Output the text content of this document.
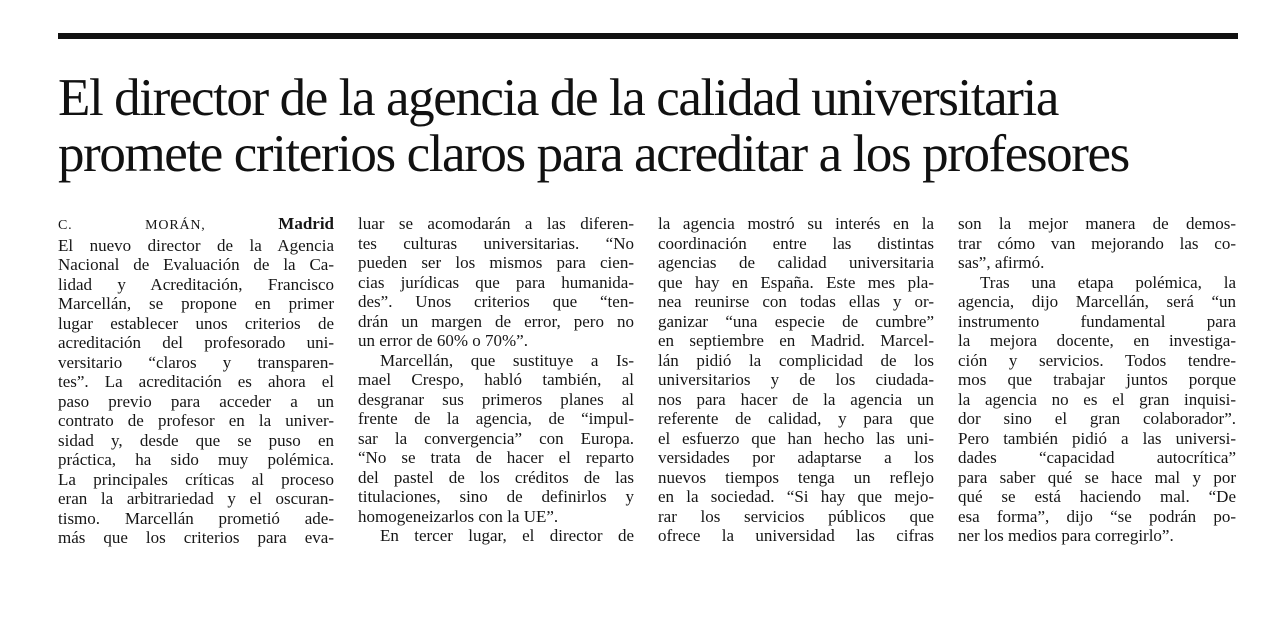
El director de la agencia de la calidad universitaria
promete criterios claros para acreditar a los profesores

C. MORÁN,	Madrid

El nuevo director de la Agencia

Nacional de Evaluación de la Ca-

lidad y Acreditación, Francisco

Marcellán, se propone en primer

lugar establecer unos criterios de

acreditación del profesorado uni-

versitario “claros y transparen-

tes”. La acreditación es ahora el

paso previo para acceder a un

contrato de profesor en la univer-

sidad y, desde que se puso en

práctica, ha sido muy polémica.

La principales críticas al proceso

eran la arbitrariedad y el oscuran-

tismo. Marcellán prometió ade-

más que los criterios para eva-

luar se acomodarán a las diferen-

tes culturas universitarias. “No

pueden ser los mismos para cien-

cias jurídicas que para humanida-

des”. Unos criterios que “ten-

drán un margen de error, pero no

un error de 60% o 70%”.

Marcellán, que sustituye a Is-

mael Crespo, habló también, al

desgranar sus primeros planes al

frente de la agencia, de “impul-

sar la convergencia” con Europa.

“No se trata de hacer el reparto

del pastel de los créditos de las

titulaciones, sino de definirlos y

homogeneizarlos con la UE”.

En tercer lugar, el director de

la agencia mostró su interés en la

coordinación entre las distintas

agencias de calidad universitaria

que hay en España. Este mes pla-

nea reunirse con todas ellas y or-

ganizar “una especie de cumbre”

en septiembre en Madrid. Marcel-

lán pidió la complicidad de los

universitarios y de los ciudada-

nos para hacer de la agencia un

referente de calidad, y para que

el esfuerzo que han hecho las uni-

versidades por adaptarse a los

nuevos tiempos tenga un reflejo

en la sociedad. “Si hay que mejo-

rar los servicios públicos que

ofrece la universidad las cifras

son la mejor manera de demos-

trar cómo van mejorando las co-

sas”, afirmó.

Tras una etapa polémica, la

agencia, dijo Marcellán, será “un

instrumento fundamental para

la mejora docente, en investiga-

ción y servicios. Todos tendre-

mos que trabajar juntos porque

la agencia no es el gran inquisi-

dor sino el gran colaborador”.

Pero también pidió a las universi-

dades “capacidad autocrítica”

para saber qué se hace mal y por

qué se está haciendo mal. “De

esa forma”, dijo “se podrán po-

ner los medios para corregirlo”.
